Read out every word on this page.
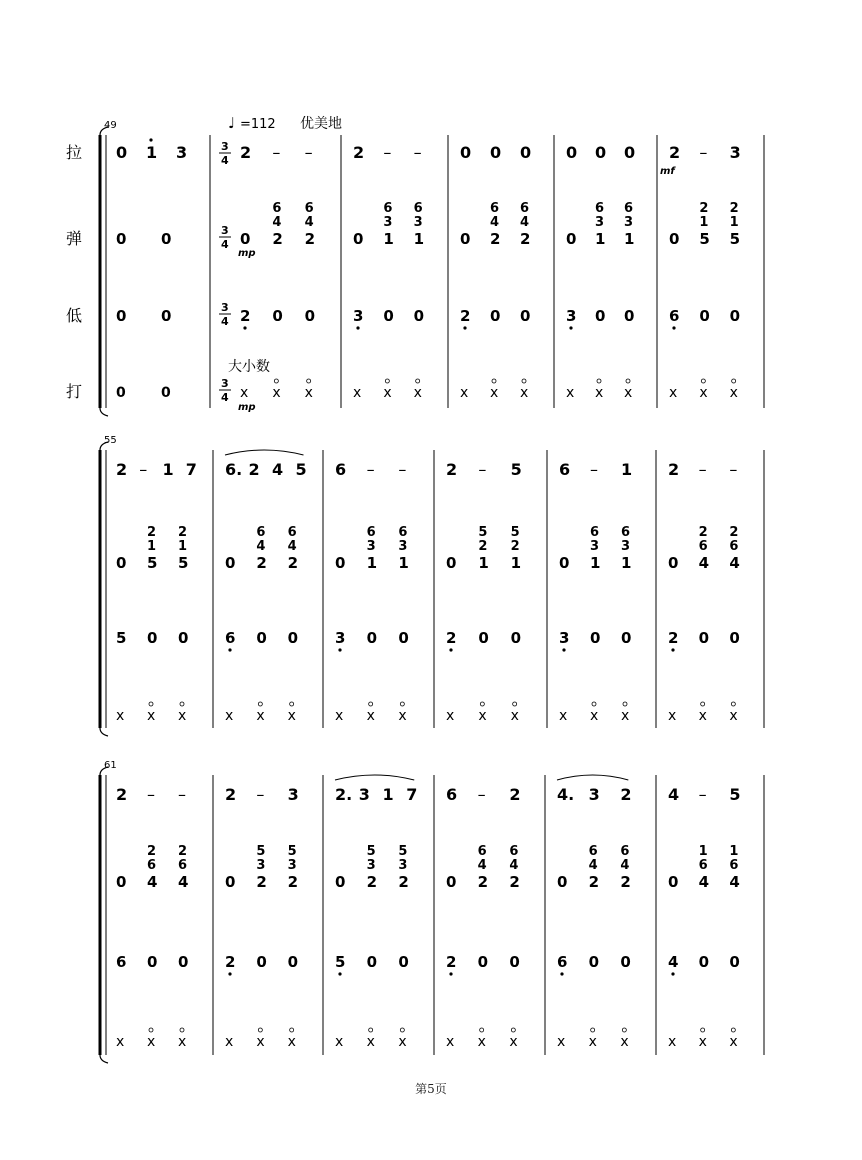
拉
弹
低
打
♩ =112 优美地
大小数
mp
mp
mf
49
0 1 3
0 0
0 0
0	0
3
4
3
4
3
4
3
4
2 – –
0 2 2
6
4
6
4
2 0 0
x x x
2 – –
0 1 1
6
3
6
3
3 0 0
x x x
0 0 0
0 2 2
6
4
6
4
2 0 0
x x x
0 0 0
0 1 1
6
3
6
3
3 0 0
x x x
2 – 3
0 5 5
2
1
2
1
6 0 0
x x x
55
2 – 1 7
0 5 5
2
1
2
1
5 0 0
x x x
6. 2 4 5
0 2 2
6
4
6
4
6 0 0
x x x
6 – –
0 1 1
6
3
6
3
3 0 0
x x x
2 – 5
0 1 1
5
2
5
2
2 0 0
x x x
6 – 1
0 1 1
6
3
6
3
3 0 0
x x x
2 – –
0 4 4
2
6
2
6
2 0 0
x x x
61
2 – –
0 4 4
2
6
2
6
6 0 0
x x x
2 – 3
0 2 2
5
3
5
3
2 0 0
x x x
2. 3 1 7
0 2 2
5
3
5
3
5 0 0
x x x
6 – 2
0 2 2
6
4
6
4
2 0 0
x x x
4. 3 2
0 2 2
6
4
6
4
6 0 0
x x x
4 – 5
0 4 4
1
6
1
6
4 0 0
x x x
第5页
